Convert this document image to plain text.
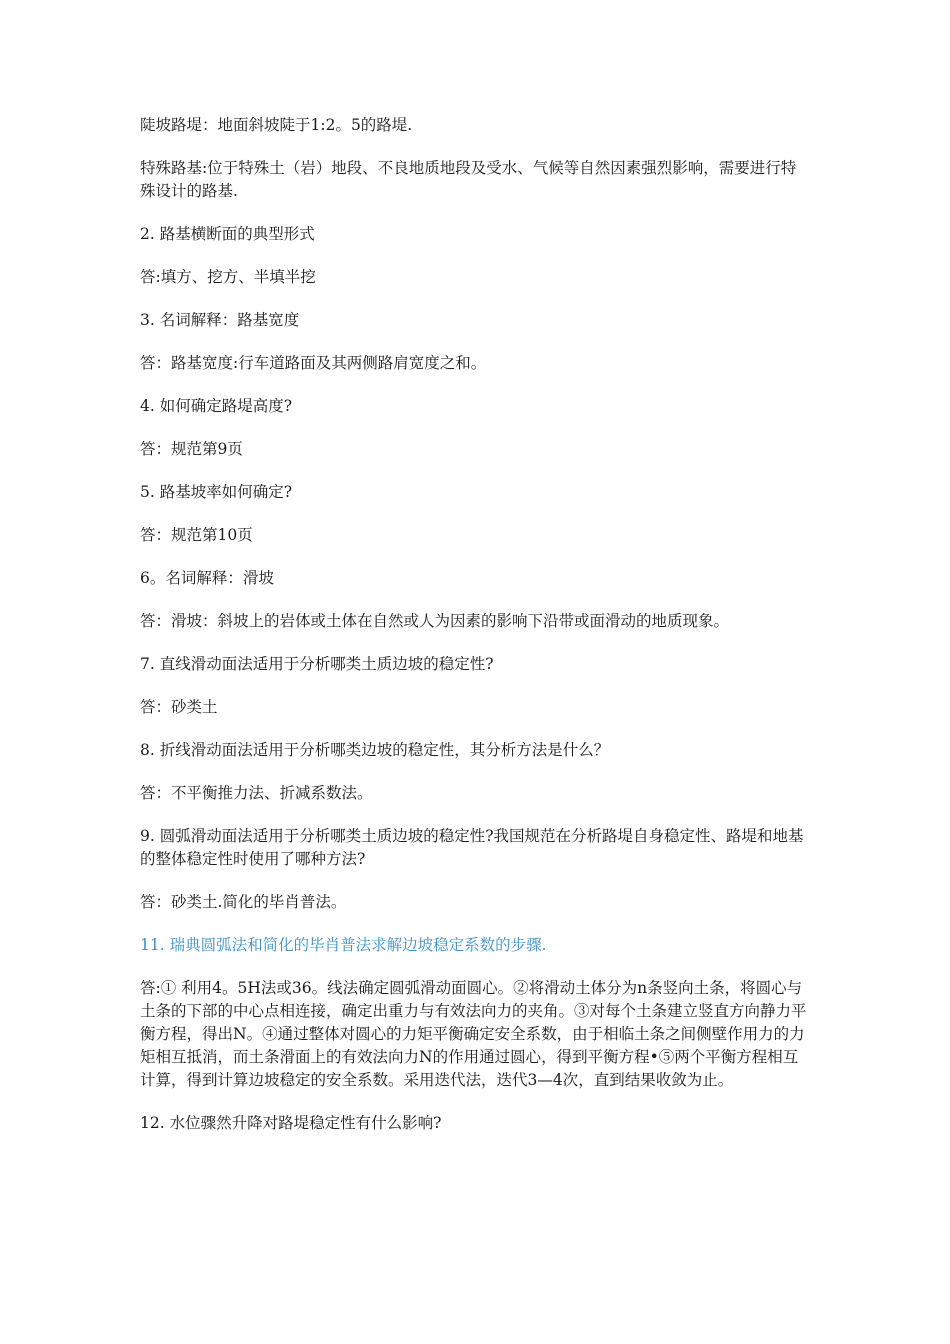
陡坡路堤：地面斜坡陡于1:2。5的路堤.

特殊路基:位于特殊土（岩）地段、不良地质地段及受水、气候等自然因素强烈影响，需要进行特殊设计的路基.

2. 路基横断面的典型形式

答:填方、挖方、半填半挖

3. 名词解释：路基宽度

答：路基宽度:行车道路面及其两侧路肩宽度之和。

4. 如何确定路堤高度?

答：规范第9页

5. 路基坡率如何确定?

答：规范第10页

6。名词解释：滑坡

答：滑坡：斜坡上的岩体或土体在自然或人为因素的影响下沿带或面滑动的地质现象。

7. 直线滑动面法适用于分析哪类土质边坡的稳定性?

答：砂类土

8. 折线滑动面法适用于分析哪类边坡的稳定性，其分析方法是什么？

答：不平衡推力法、折减系数法。

9. 圆弧滑动面法适用于分析哪类土质边坡的稳定性?我国规范在分析路堤自身稳定性、路堤和地基的整体稳定性时使用了哪种方法?

答：砂类土.简化的毕肖普法。

11. 瑞典圆弧法和简化的毕肖普法求解边坡稳定系数的步骤.

答:① 利用4。5H法或36。线法确定圆弧滑动面圆心。②将滑动土体分为n条竖向土条，将圆心与土条的下部的中心点相连接，确定出重力与有效法向力的夹角。③对每个土条建立竖直方向静力平衡方程，得出N。④通过整体对圆心的力矩平衡确定安全系数，由于相临土条之间侧壁作用力的力矩相互抵消，而土条滑面上的有效法向力N的作用通过圆心，得到平衡方程•⑤两个平衡方程相互计算，得到计算边坡稳定的安全系数。采用迭代法，迭代3—4次，直到结果收敛为止。

12. 水位骤然升降对路堤稳定性有什么影响?
